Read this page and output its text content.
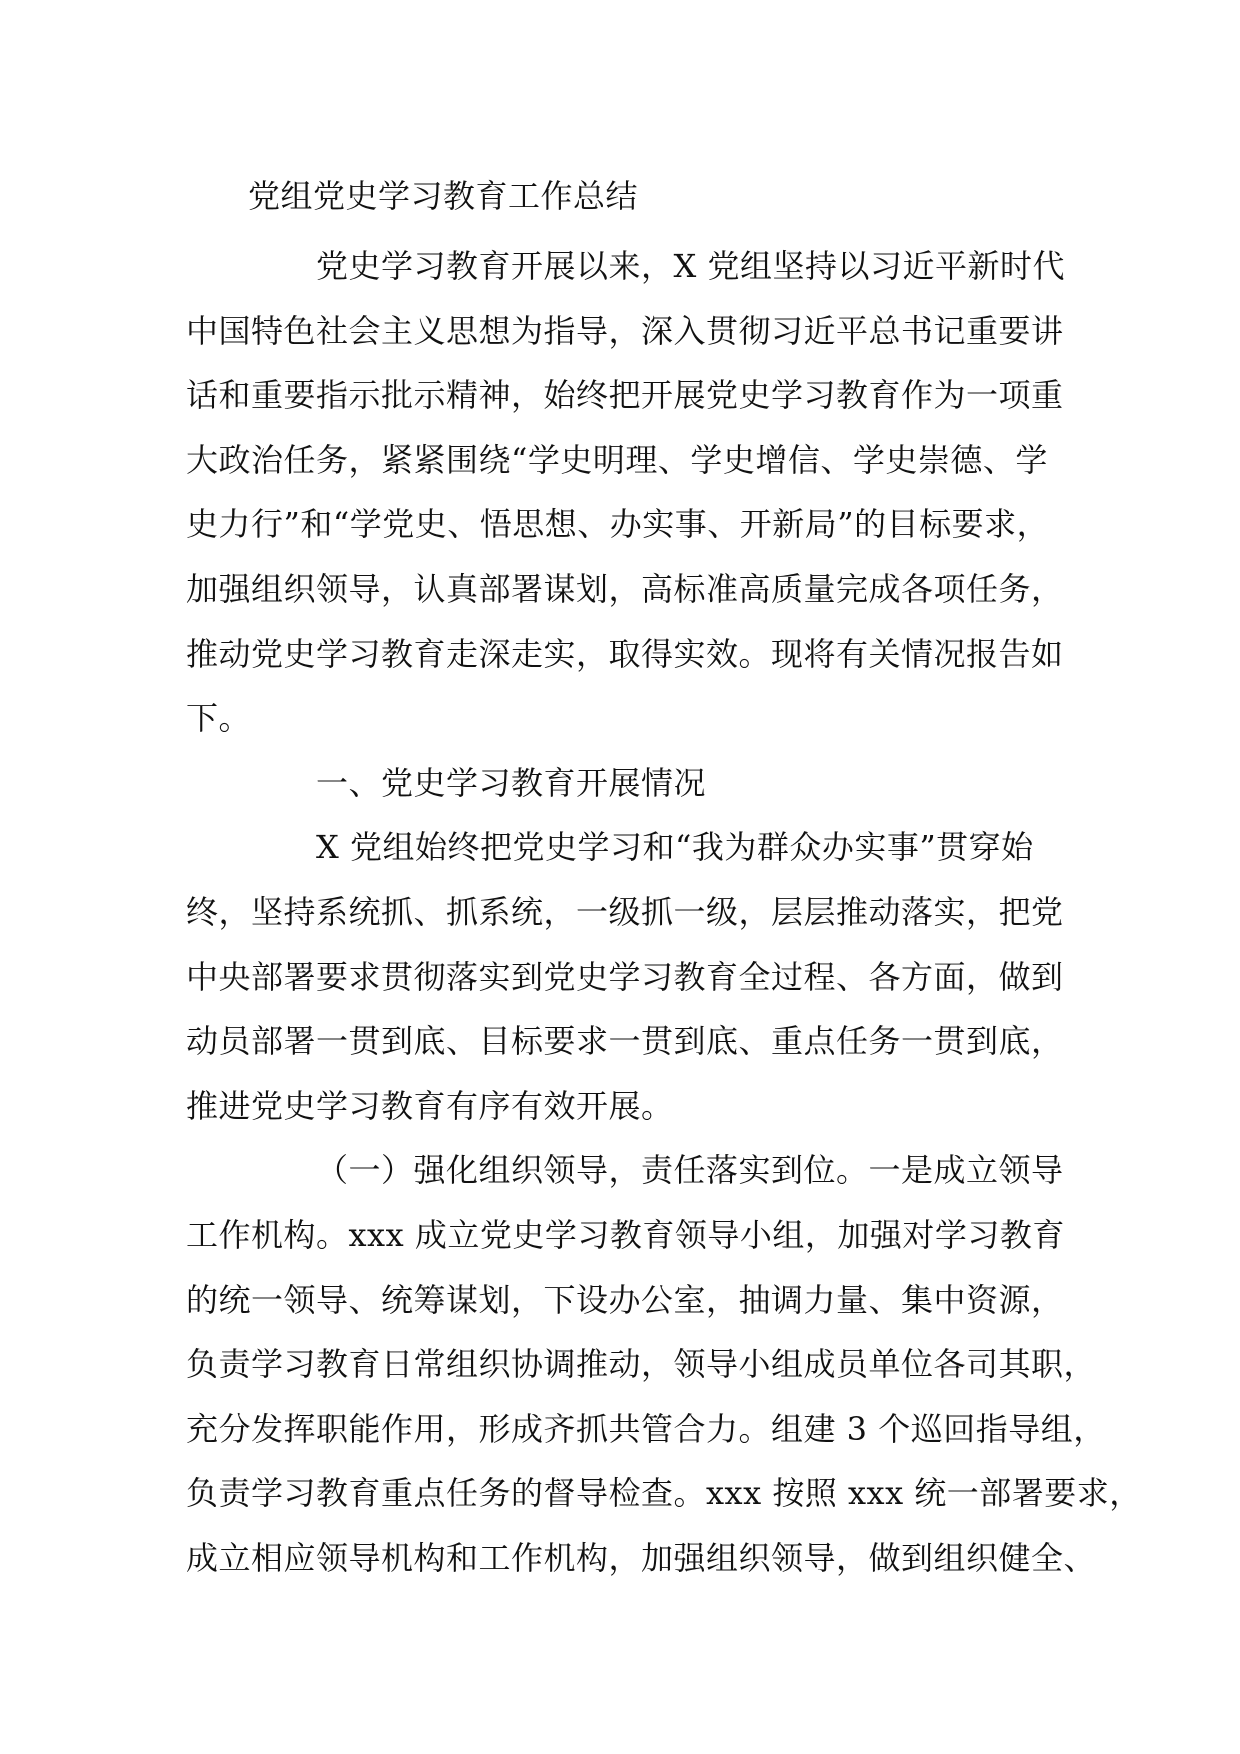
党组党史学习教育工作总结
党史学习教育开展以来，X 党组坚持以习近平新时代
中国特色社会主义思想为指导，深入贯彻习近平总书记重要讲
话和重要指示批示精神，始终把开展党史学习教育作为一项重
大政治任务，紧紧围绕“学史明理、学史增信、学史崇德、学
史力行”和“学党史、悟思想、办实事、开新局”的目标要求，
加强组织领导，认真部署谋划，高标准高质量完成各项任务，
推动党史学习教育走深走实，取得实效。现将有关情况报告如
下。
一、党史学习教育开展情况
X 党组始终把党史学习和“我为群众办实事”贯穿始
终，坚持系统抓、抓系统，一级抓一级，层层推动落实，把党
中央部署要求贯彻落实到党史学习教育全过程、各方面，做到
动员部署一贯到底、目标要求一贯到底、重点任务一贯到底，
推进党史学习教育有序有效开展。
（一）强化组织领导，责任落实到位。一是成立领导
工作机构。xxx 成立党史学习教育领导小组，加强对学习教育
的统一领导、统筹谋划，下设办公室，抽调力量、集中资源，
负责学习教育日常组织协调推动，领导小组成员单位各司其职，
充分发挥职能作用，形成齐抓共管合力。组建 3 个巡回指导组，
负责学习教育重点任务的督导检查。xxx 按照 xxx 统一部署要求，
成立相应领导机构和工作机构，加强组织领导，做到组织健全、
